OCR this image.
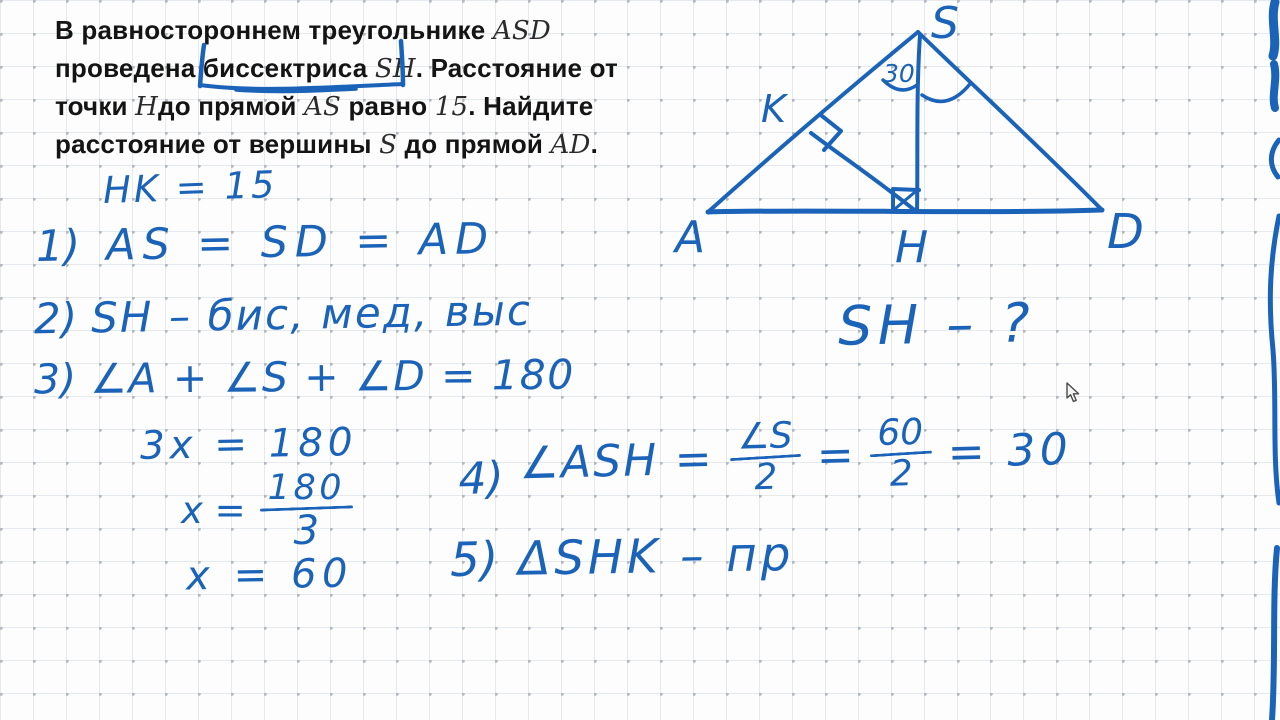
В равностороннем треугольнике ASD
проведена биссектриса SH. Расстояние от
точки Hдо прямой AS равно 15. Найдите
расстояние от вершины S до прямой AD.
HK = 15
1) AS = SD = AD
2) SH – бис, мед, выс
3) ∠A + ∠S + ∠D = 180
3x = 180
x =
180
3
x = 60
4) ∠ASH = ∠S
2 = 60
2 = 30
5) ΔSHK – пр
30
S
A	D
H
K
SH – ?
